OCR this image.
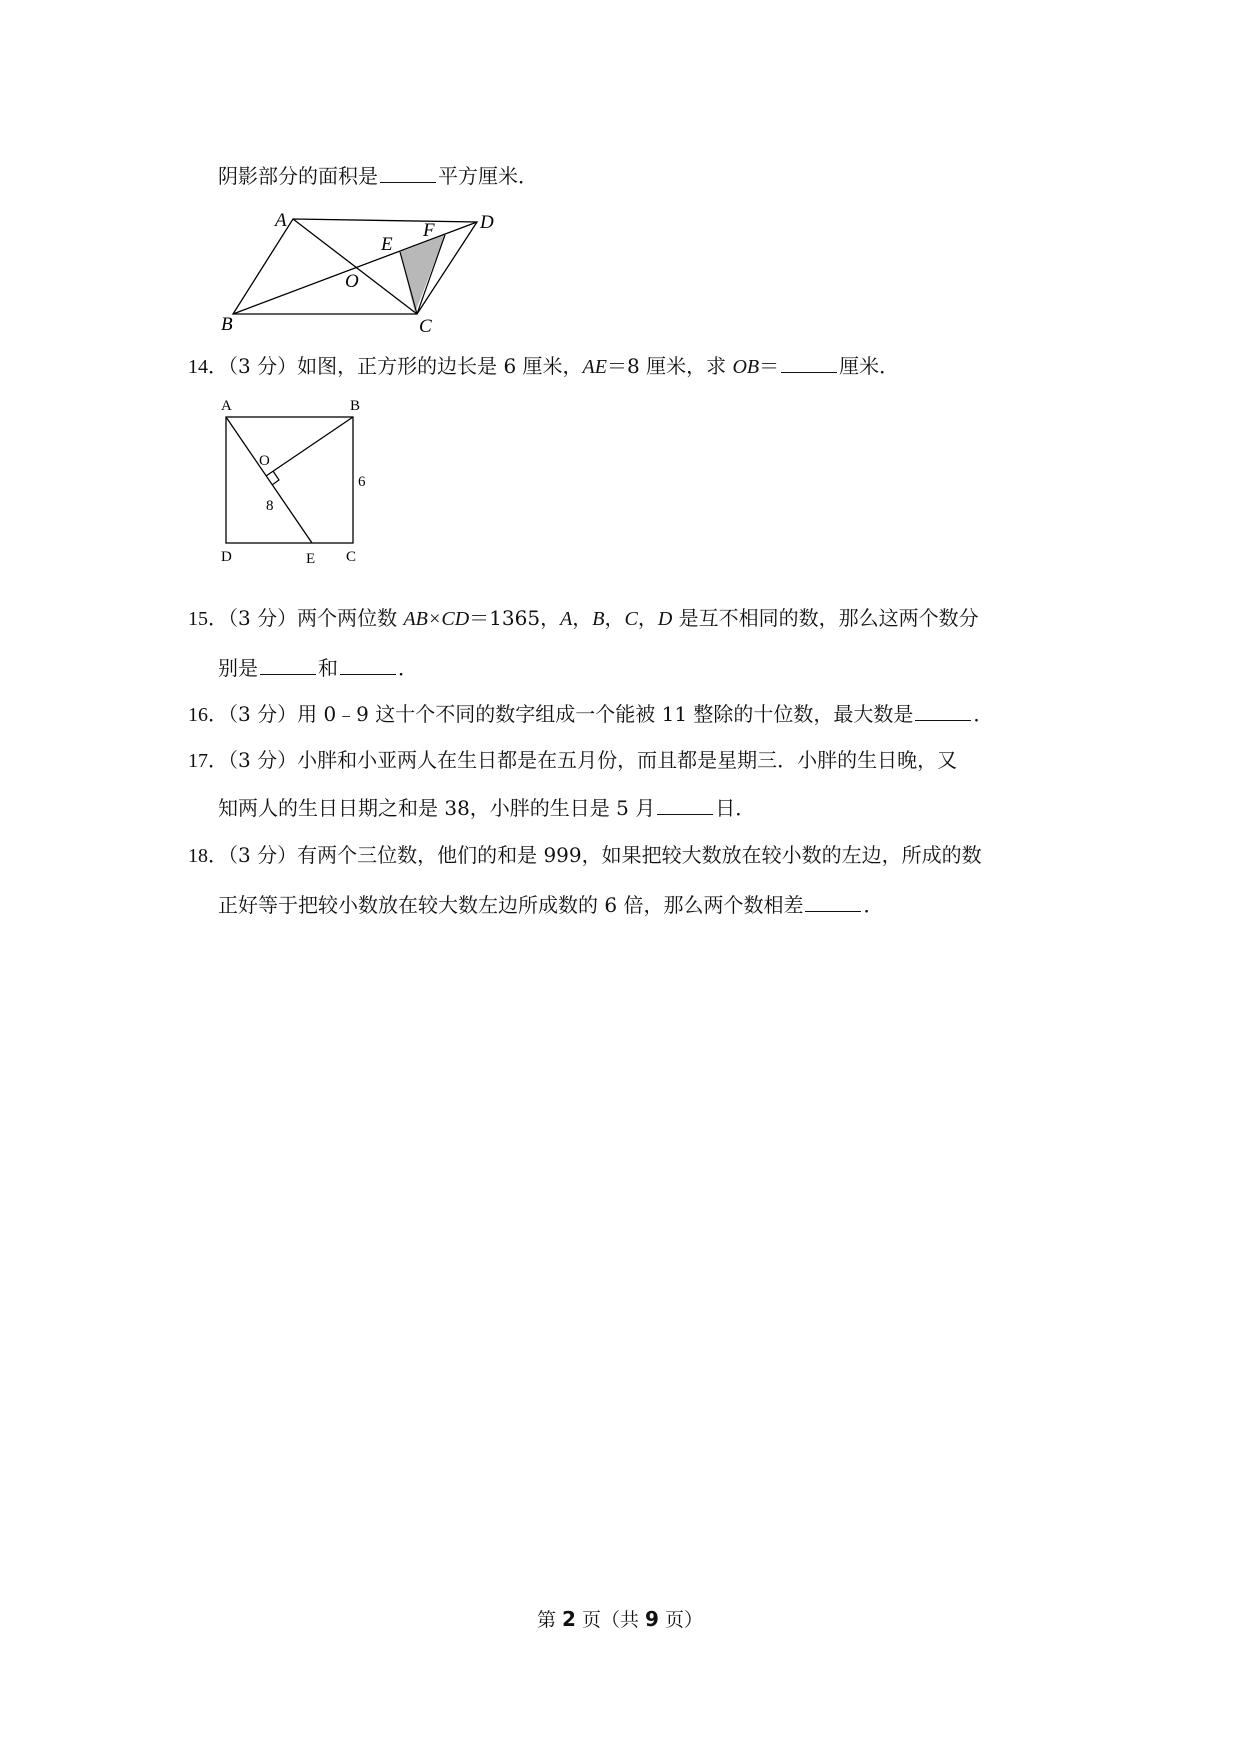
阴影部分的面积是	平方厘米．
A	D
E
F
O
B	C
14．（3 分）如图，正方形的边长是 6 厘米，AE＝8 厘米，求 OB＝	厘米．
A	B
D	E C
O
6
8
15．（3 分）两个两位数 AB×CD＝1365，A，B，C，D 是互不相同的数，那么这两个数分
别是	和	．
16．（3 分）用 0﹣9 这十个不同的数字组成一个能被 11 整除的十位数，最大数是	．
17．（3 分）小胖和小亚两人在生日都是在五月份，而且都是星期三．小胖的生日晚，又
知两人的生日日期之和是 38，小胖的生日是 5 月	日．
18．（3 分）有两个三位数，他们的和是 999，如果把较大数放在较小数的左边，所成的数
正好等于把较小数放在较大数左边所成数的 6 倍，那么两个数相差	．
第 2 页（共 9 页）
